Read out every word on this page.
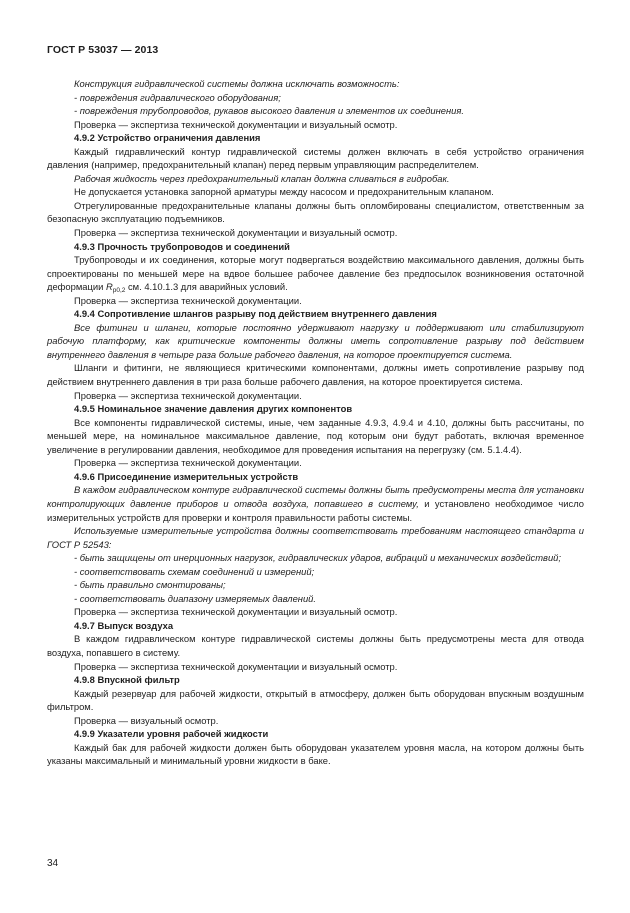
ГОСТ Р 53037 — 2013

Конструкция гидравлической системы должна исключать возможность:

- повреждения гидравлического оборудования;

- повреждения трубопроводов, рукавов высокого давления и элементов их соединения.

Проверка — экспертиза технической документации и визуальный осмотр.

4.9.2 Устройство ограничения давления

Каждый гидравлический контур гидравлической системы должен включать в себя устройство ограничения давления (например, предохранительный клапан) перед первым управляющим распределителем.

Рабочая жидкость через предохранительный клапан должна сливаться в гидробак.

Не допускается установка запорной арматуры между насосом и предохранительным клапаном.

Отрегулированные предохранительные клапаны должны быть опломбированы специалистом, ответственным за безопасную эксплуатацию подъемников.

Проверка — экспертиза технической документации и визуальный осмотр.

4.9.3 Прочность трубопроводов и соединений

Трубопроводы и их соединения, которые могут подвергаться воздействию максимального давления, должны быть спроектированы по меньшей мере на вдвое большее рабочее давление без предпосылок возникновения остаточной деформации $R_{p0,2}$ см. 4.10.1.3 для аварийных условий.

Проверка — экспертиза технической документации.

4.9.4 Сопротивление шлангов разрыву под действием внутреннего давления

Все фитинги и шланги, которые постоянно удерживают нагрузку и поддерживают или стабилизируют рабочую платформу, как критические компоненты должны иметь сопротивление разрыву под действием внутреннего давления в четыре раза больше рабочего давления, на которое проектируется система.

Шланги и фитинги, не являющиеся критическими компонентами, должны иметь сопротивление разрыву под действием внутреннего давления в три раза больше рабочего давления, на которое проектируется система.

Проверка — экспертиза технической документации.

4.9.5 Номинальное значение давления других компонентов

Все компоненты гидравлической системы, иные, чем заданные 4.9.3, 4.9.4 и 4.10, должны быть рассчитаны, по меньшей мере, на номинальное максимальное давление, под которым они будут работать, включая временное увеличение в регулировании давления, необходимое для проведения испытания на перегрузку (см. 5.1.4.4).

Проверка — экспертиза технической документации.

4.9.6 Присоединение измерительных устройств

В каждом гидравлическом контуре гидравлической системы должны быть предусмотрены места для установки контролирующих давление приборов и отвода воздуха, попавшего в систему, и установлено необходимое число измерительных устройств для проверки и контроля правильности работы системы.

Используемые измерительные устройства должны соответствовать требованиям настоящего стандарта и ГОСТ Р 52543:

- быть защищены от инерционных нагрузок, гидравлических ударов, вибраций и механических воздействий;

- соответствовать схемам соединений и измерений;

- быть правильно смонтированы;

- соответствовать диапазону измеряемых давлений.

Проверка — экспертиза технической документации и визуальный осмотр.

4.9.7 Выпуск воздуха

В каждом гидравлическом контуре гидравлической системы должны быть предусмотрены места для отвода воздуха, попавшего в систему.

Проверка — экспертиза технической документации и визуальный осмотр.

4.9.8 Впускной фильтр

Каждый резервуар для рабочей жидкости, открытый в атмосферу, должен быть оборудован впускным воздушным фильтром.

Проверка — визуальный осмотр.

4.9.9 Указатели уровня рабочей жидкости

Каждый бак для рабочей жидкости должен быть оборудован указателем уровня масла, на котором должны быть указаны максимальный и минимальный уровни жидкости в баке.

34
